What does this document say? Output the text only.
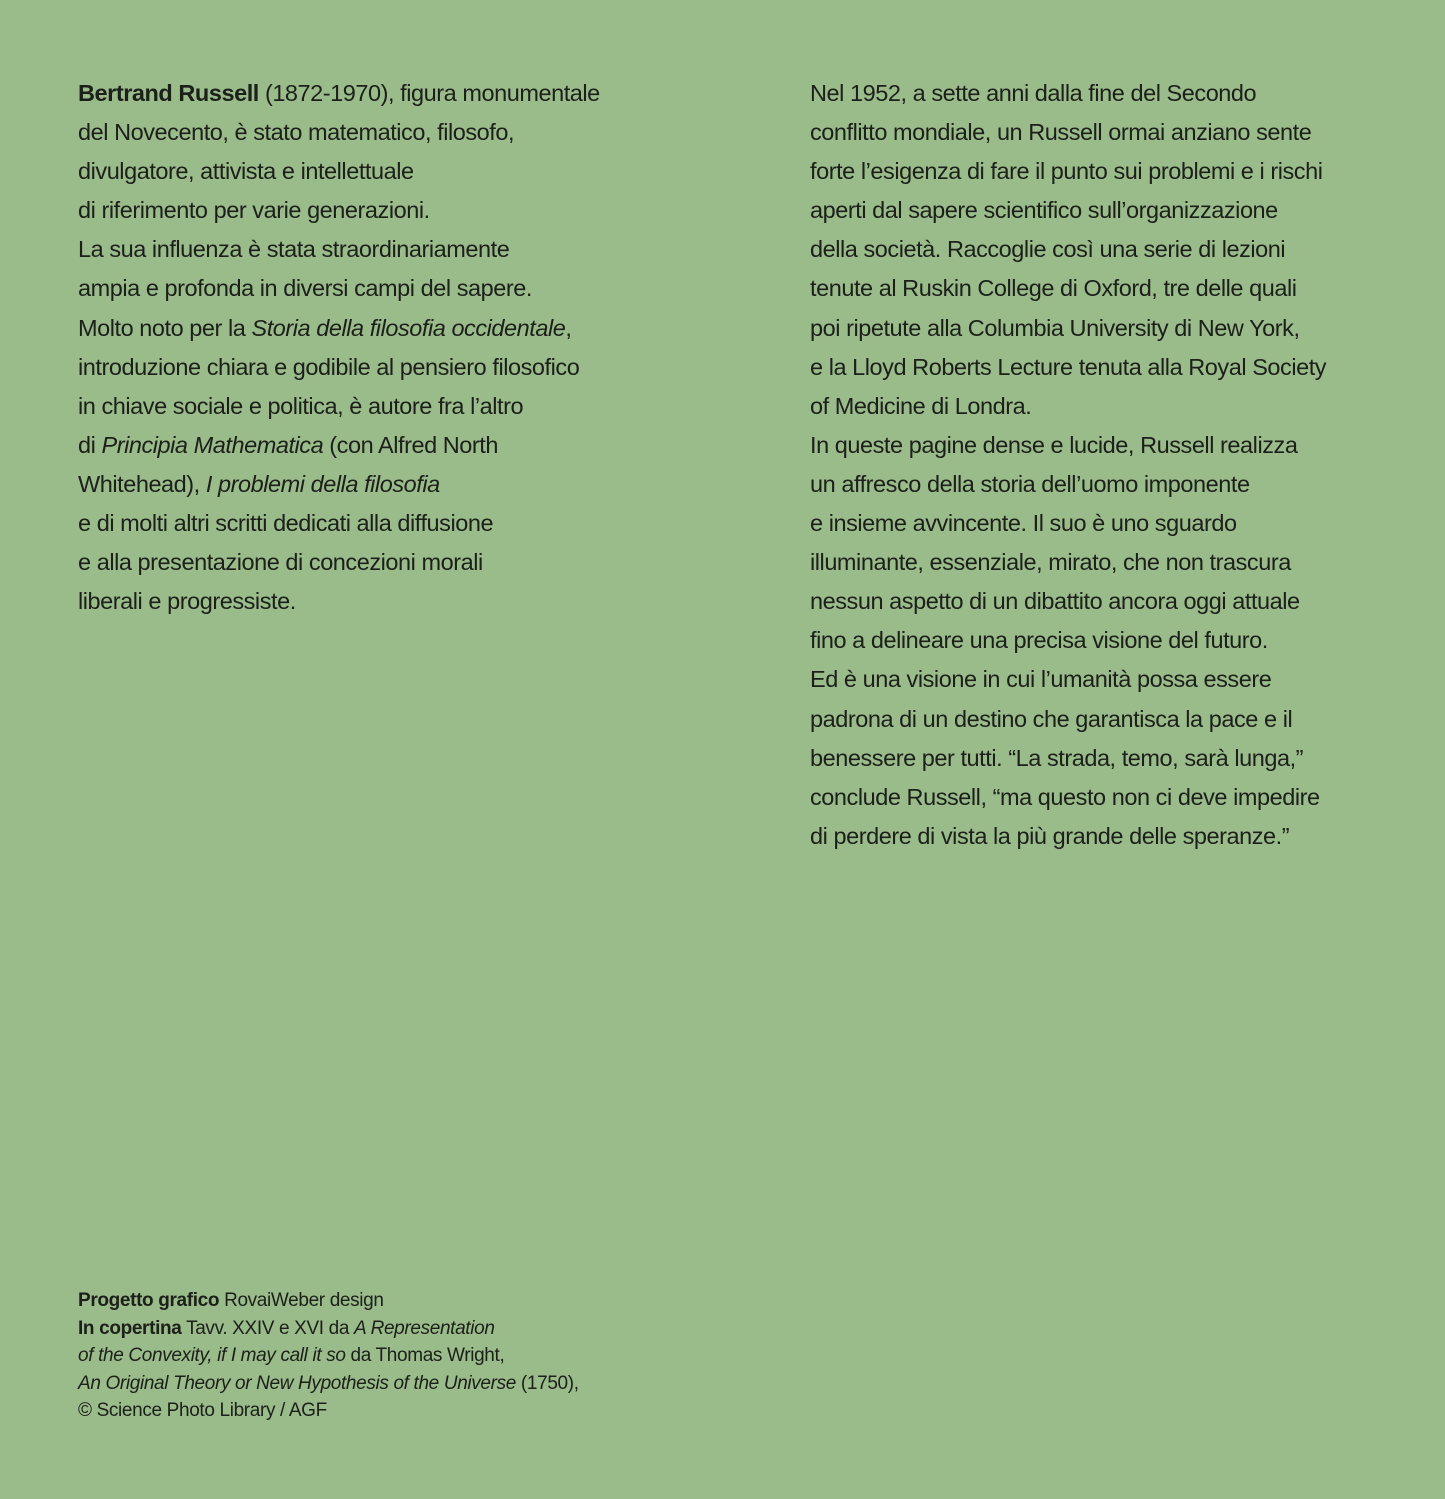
Bertrand Russell (1872-1970), figura monumentale
del Novecento, è stato matematico, filosofo,
divulgatore, attivista e intellettuale
di riferimento per varie generazioni.
La sua influenza è stata straordinariamente
ampia e profonda in diversi campi del sapere.
Molto noto per la Storia della filosofia occidentale,
introduzione chiara e godibile al pensiero filosofico
in chiave sociale e politica, è autore fra l’altro
di Principia Mathematica (con Alfred North
Whitehead), I problemi della filosofia
e di molti altri scritti dedicati alla diffusione
e alla presentazione di concezioni morali
liberali e progressiste.
Nel 1952, a sette anni dalla fine del Secondo
conflitto mondiale, un Russell ormai anziano sente
forte l’esigenza di fare il punto sui problemi e i rischi
aperti dal sapere scientifico sull’organizzazione
della società. Raccoglie così una serie di lezioni
tenute al Ruskin College di Oxford, tre delle quali
poi ripetute alla Columbia University di New York,
e la Lloyd Roberts Lecture tenuta alla Royal Society
of Medicine di Londra.
In queste pagine dense e lucide, Russell realizza
un affresco della storia dell’uomo imponente
e insieme avvincente. Il suo è uno sguardo
illuminante, essenziale, mirato, che non trascura
nessun aspetto di un dibattito ancora oggi attuale
fino a delineare una precisa visione del futuro.
Ed è una visione in cui l’umanità possa essere
padrona di un destino che garantisca la pace e il
benessere per tutti. “La strada, temo, sarà lunga,”
conclude Russell, “ma questo non ci deve impedire
di perdere di vista la più grande delle speranze.”
Progetto grafico RovaiWeber design
In copertina Tavv. XXIV e XVI da A Representation
of the Convexity, if I may call it so da Thomas Wright,
An Original Theory or New Hypothesis of the Universe (1750),
© Science Photo Library / AGF
